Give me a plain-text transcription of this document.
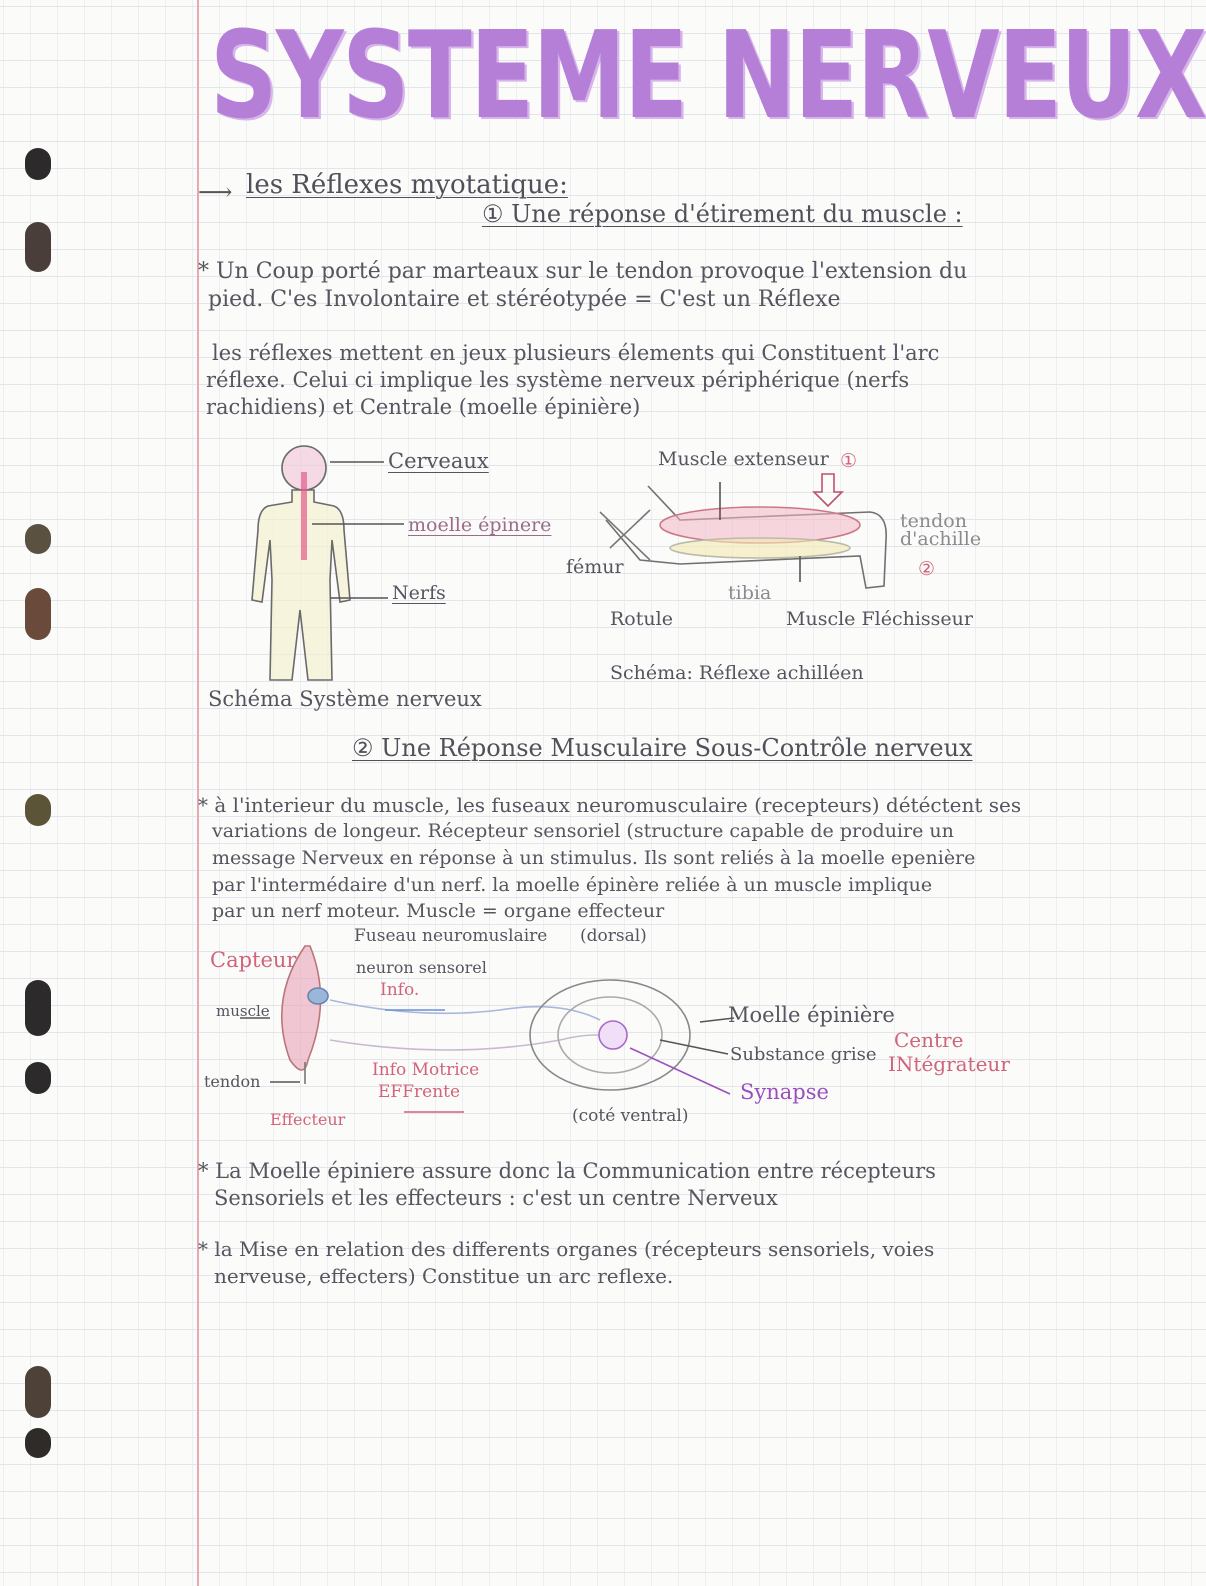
SYSTEME NERVEUX
⟶ les Réflexes myotatique:
① Une réponse d'étirement du muscle :
* Un Coup porté par marteaux sur le tendon provoque l'extension du
pied. C'es Involontaire et stéréotypée = C'est un Réflexe
les réflexes mettent en jeux plusieurs élements qui Constituent l'arc
réflexe. Celui ci implique les système nerveux périphérique (nerfs
rachidiens) et Centrale (moelle épinière)
Cerveaux
moelle épinere
Nerfs
Schéma Système nerveux
Muscle extenseur ①
tendon d'achille
②
fémur
tibia
Rotule	Muscle Fléchisseur
Schéma: Réflexe achilléen
② Une Réponse Musculaire Sous-Contrôle nerveux
* à l'interieur du muscle, les fuseaux neuromusculaire (recepteurs) détéctent ses
variations de longeur. Récepteur sensoriel (structure capable de produire un
message Nerveux en réponse à un stimulus. Ils sont reliés à la moelle epenière
par l'intermédaire d'un nerf. la moelle épinère reliée à un muscle implique
par un nerf moteur. Muscle = organe effecteur
Fuseau neuromuslaire (dorsal)
Capteur	neuron sensorel
Info.
muscle
tendon
Info Motrice
EFFrente
Effecteur	(coté ventral)
Moelle épinière
Substance grise
Synapse
Centre
INtégrateur
* La Moelle épiniere assure donc la Communication entre récepteurs
Sensoriels et les effecteurs : c'est un centre Nerveux
* la Mise en relation des differents organes (récepteurs sensoriels, voies
nerveuse, effecters) Constitue un arc reflexe.
